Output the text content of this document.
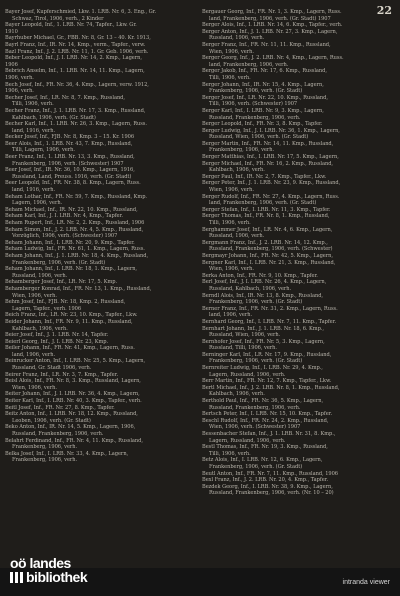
22
Bayer Josef, Kupferschmied, Lkw. 1. LRB. Nr. 6, 3. Eng., Gr.
Schwaz, Tirol, 1906, verh., 2 Kinder
Bayer Leopold, Inf., 1. LRB. Nr. 74, Tapfer., Lkw. Gr.
1910
Bayrhuber Michael, Gr., FBB. Nr. 8, Gr. 13 – 40. Kr. 1913,
Bayrl Franz, Inf., IR. Nr. 14, Kmp., verm., Tapfer., verw.
Bazl Franz, Inf., J. 2. LRB. Nr. 11, 1. Gr. Geb. 1906, verh.
Beber Leopold, Inf., J. I. LRB. Nr. 14, 2. Kmp., Lagern,
1906
Bebrich Anselm, Inf., 1. LRB. Nr. 14, 11. Kmp., Lagern,
1906, verh.
Bech Josef, Inf., FR. Nr. 36, 4. Kmp., Lagern, verw. 1912,
1906, verh.
Becher Josef, Inf., LR. Nr. 8, 7. Kmp., Russland,
Tilli, 1906, verh.
Becher Franz, Inf., J. 1. LRB. Nr. 17, 3. Kmp., Russland,
Kahlbach, 1906, verh. (Gr. Stadt)
Becher Karl, Inf., 1. LRB. Nr. 26, 3. Kmp., Lagern, Russ.
land, 1916, verh.
Becker Josef, Inf., FJB. Nr. 8, Kmp. 3 – 15. Kr. 1906
Beer Alois, Inf., 1. LRB. Nr. 43, 7. Kmp., Russland,
Tilli, Lagern, 1906, verh.
Beer Franz, Inf., 1. LRB. Nr. 13, 3. Kmp., Russland,
Frankenberg, 1906, verh. (Schwester) 1907
Beer Josef, Inf., IR. Nr. 36, 10. Kmp., Lagern, 1916,
Russland, Land, Preuss. 1916, verh. (Gr. Stadt)
Beer Leopold, Inf., FR. Nr. 38, 8. Kmp., Lagern, Russ.
land, 1916, verh.
Beham Lothar, Inf., FR. Nr. 59, 7. Kmp., Russland, Kmp.
Lagern, 1906, verh.
Beham Michael, Inf., IR. Nr. 22, 10. Kmp., Russland,
Beham Karl, Inf., J. I. LRB. Nr. 4, Kmp., Tapfer.
Beham Rupert, Inf., LR. Nr. 2, 2. Kmp., Russland, 1906
Beham Simon, Inf., J. 2. LRB. Nr. 4, 5. Kmp., Russland,
Vorzüglich, 1906, verh. (Schwester) 1907
Beham Johann, Inf., I. LRB. Nr. 20, 9. Kmp., Tapfer.
Beham Ludwig, Inf., FR. Nr. 61, 1. Kmp., Lagern, Russ.
Beham Johann, Inf., J. 1. LRB. Nr. 18, 4. Kmp., Russland,
Frankenberg, 1906, verh. (Gr. Stadt)
Beham Johann, Inf., I. LRB. Nr. 18, 1. Kmp., Lagern,
Russland, 1906, verh.
Behamberger Josef, Inf., LR. Nr. 17, 5. Kmp.
Behamberger Konrad, Inf., FR. Nr. 13, 1. Kmp., Russland,
Wien, 1906, verh.
Behm Josef, Inf., FJB. Nr. 18, Kmp. 2, Russland,
Lagern, Tapfer., verh. 1906
Beich Franz, Inf., LR. Nr. 23, 10. Kmp., Tapfer., Lkw.
Beider Johann, Inf., FR. Nr. 9, 11. Kmp., Russland,
Kahlbach, 1906, verh.
Beier Josef, Inf., J. 1. LRB. Nr. 14, Tapfer.
Beierl Georg, Inf., J. I. LRB. Nr. 23, Kmp.
Beiler Johann, Inf., FR. Nr. 41, Kmp., Lagern, Russ.
land, 1906, verh.
Beinrucker Anton, Inf., I. LRB. Nr. 25, 5. Kmp., Lagern,
Russland, Gr. Stadt 1906, verh.
Beirer Franz, Inf., LR. Nr. 3, 7. Kmp., Tapfer.
Beisl Alois, Inf., FR. Nr. 8, 3. Kmp., Russland, Lagern,
Wien, 1906, verh.
Beiter Johann, Inf., J. I. LRB. Nr. 36, 4. Kmp., Lagern,
Beiter Karl, Inf., I. LRB. Nr. 40, 3. Kmp., Tapfer., verh.
Beitl Josef, Inf., FR. Nr. 27, 8. Kmp., Tapfer.
Beitz Anton, Inf., I. LRB. Nr. 18, 12. Kmp., Russland,
Leoben, 1906, verh. (Gr. Stadt)
Beko Anton, Inf., IR. Nr. 14, 5. Kmp., Lagern, 1906,
Russland, Frankenberg, 1906, verh.
Belahrt Ferdinand, Inf., FR. Nr. 4, 11. Kmp., Russland,
Frankenberg, 1906, verh.
Belka Josef, Inf., I. LRB. Nr. 33, 4. Kmp., Lagern,
Frankenberg, 1906, verh.
Bergauer Georg, Inf., FR. Nr. 1, 3. Kmp., Lagern, Russ.
land, Frankenberg, 1906, verh. (Gr. Stadt) 1907
Berger Alois, Inf., I. LRB. Nr. 14, 6. Kmp., Tapfer., verh.
Berger Anton, Inf., J. 1. LRB. Nr. 27, 3. Kmp., Lagern,
Russland, 1906, verh.
Berger Franz, Inf., FR. Nr. 11, 11. Kmp., Russland,
Wien, 1906, verh.
Berger Georg, Inf., J. 2. LRB. Nr. 4, Kmp., Lagern, Russ.
land, Frankenberg, 1906, verh.
Berger Jakob, Inf., FR. Nr. 17, 6. Kmp., Russland,
Tilli, 1906, verh.
Berger Johann, Inf., IR. Nr. 15, 4. Kmp., Lagern,
Frankenberg, 1906, verh. (Gr. Stadt)
Berger Josef, Inf., LR. Nr. 22, 10. Kmp., Russland,
Tilli, 1906, verh. (Schwester) 1907
Berger Karl, Inf., I. LRB. Nr. 9, 3. Kmp., Lagern,
Russland, Frankenberg, 1906, verh.
Berger Leopold, Inf., FR. Nr. 3, 8. Kmp., Tapfer.
Berger Ludwig, Inf., J. I. LRB. Nr. 36, 1. Kmp., Lagern,
Russland, Wien, 1906, verh. (Gr. Stadt)
Berger Martin, Inf., FR. Nr. 14, 11. Kmp., Russland,
Frankenberg, 1906, verh.
Berger Matthias, Inf., I. LRB. Nr. 17, 5. Kmp., Lagern,
Berger Michael, Inf., FR. Nr. 16, 2. Kmp., Russland,
Kahlbach, 1906, verh.
Berger Paul, Inf., IR. Nr. 2, 7. Kmp., Tapfer., Lkw.
Berger Peter, Inf., J. 1. LRB. Nr. 23, 9. Kmp., Russland,
Wien, 1906, verh.
Berger Rudolf, Inf., FR. Nr. 27, 4. Kmp., Lagern, Russ.
land, Frankenberg, 1906, verh. (Gr. Stadt)
Berger Stefan, Inf., I. LRB. Nr. 11, 3. Kmp., Tapfer.
Berger Thomas, Inf., FR. Nr. 8, 1. Kmp., Russland,
Tilli, 1906, verh.
Berghammer Josef, Inf., LR. Nr. 4, 6. Kmp., Lagern,
Russland, 1906, verh.
Bergmann Franz, Inf., J. 2. LRB. Nr. 14, 12. Kmp.,
Russland, Frankenberg, 1906, verh. (Schwester)
Bergmayr Johann, Inf., FR. Nr. 42, 5. Kmp., Lagern,
Bergner Karl, Inf., I. LRB. Nr. 21, 3. Kmp., Russland,
Wien, 1906, verh.
Berka Anton, Inf., FR. Nr. 9, 10. Kmp., Tapfer.
Berl Josef, Inf., J. I. LRB. Nr. 26, 4. Kmp., Lagern,
Russland, Kahlbach, 1906, verh.
Berndl Alois, Inf., IR. Nr. 13, 8. Kmp., Russland,
Frankenberg, 1906, verh. (Gr. Stadt)
Berner Franz, Inf., FR. Nr. 31, 2. Kmp., Lagern, Russ.
land, 1906, verh.
Bernhard Georg, Inf., I. LRB. Nr. 7, 11. Kmp., Tapfer.
Bernhart Johann, Inf., J. 1. LRB. Nr. 18, 6. Kmp.,
Russland, Wien, 1906, verh.
Bernhofer Josef, Inf., FR. Nr. 5, 3. Kmp., Lagern,
Russland, Tilli, 1906, verh.
Berninger Karl, Inf., LR. Nr. 17, 9. Kmp., Russland,
Frankenberg, 1906, verh. (Gr. Stadt)
Bernreiter Ludwig, Inf., I. LRB. Nr. 29, 4. Kmp.,
Lagern, Russland, 1906, verh.
Berr Martin, Inf., FR. Nr. 12, 7. Kmp., Tapfer., Lkw.
Bertl Michael, Inf., J. 2. LRB. Nr. 8, 1. Kmp., Russland,
Kahlbach, 1906, verh.
Berthold Paul, Inf., FR. Nr. 36, 5. Kmp., Lagern,
Russland, Frankenberg, 1906, verh.
Bertsch Peter, Inf., I. LRB. Nr. 15, 10. Kmp., Tapfer.
Beschl Rudolf, Inf., FR. Nr. 24, 2. Kmp., Russland,
Wien, 1906, verh. (Schwester) 1907
Bessenbacher Stefan, Inf., J. 1. LRB. Nr. 31, 8. Kmp.,
Lagern, Russland, 1906, verh.
Bestl Thomas, Inf., FR. Nr. 19, 3. Kmp., Russland,
Tilli, 1906, verh.
Betz Alois, Inf., I. LRB. Nr. 12, 6. Kmp., Lagern,
Frankenberg, 1906, verh. (Gr. Stadt)
Beutl Anton, Inf., FR. Nr. 7, 11. Kmp., Russland, 1906
Bexl Franz, Inf., J. 2. LRB. Nr. 20, 4. Kmp., Tapfer.
Bezdek Georg, Inf., I. LRB. Nr. 38, 9. Kmp., Lagern,
Russland, Frankenberg, 1906, verh. (Nr. 10 – 20)
oö landes
bibliothek	intranda viewer
